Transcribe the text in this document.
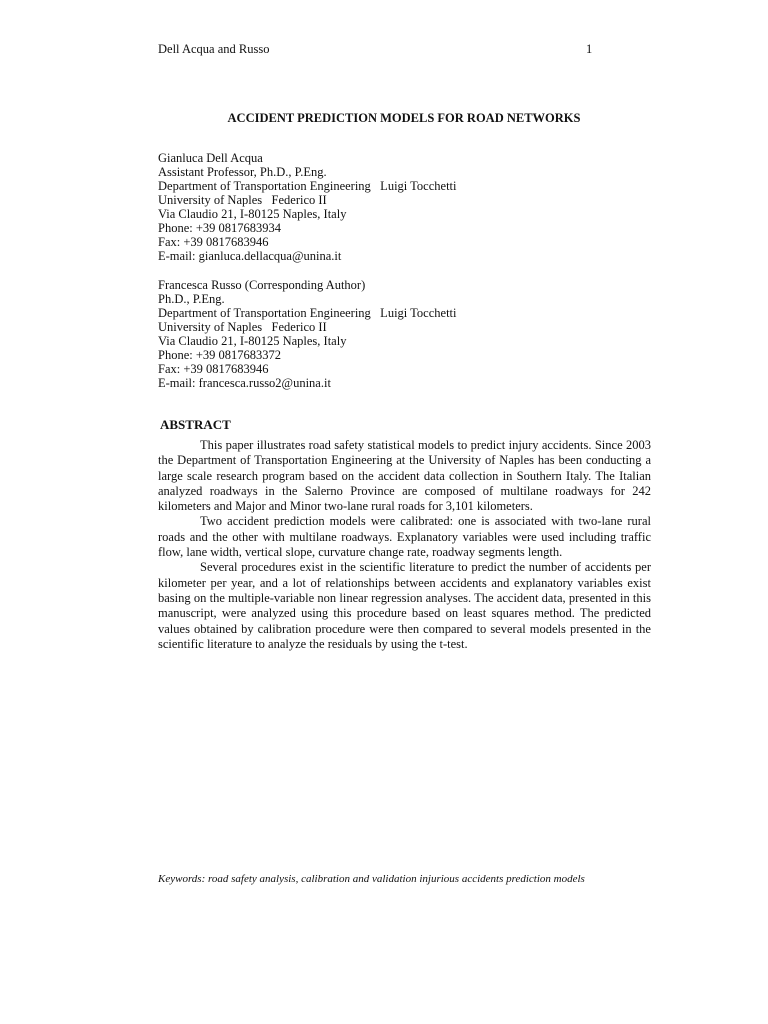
Dell Acqua and Russo	1
ACCIDENT PREDICTION MODELS FOR ROAD NETWORKS
Gianluca Dell Acqua
Assistant Professor, Ph.D., P.Eng.
Department of Transportation Engineering   Luigi Tocchetti
University of Naples   Federico II
Via Claudio 21, I-80125 Naples, Italy
Phone: +39 0817683934
Fax: +39 0817683946
E-mail: gianluca.dellacqua@unina.it
Francesca Russo (Corresponding Author)
Ph.D., P.Eng.
Department of Transportation Engineering   Luigi Tocchetti
University of Naples   Federico II
Via Claudio 21, I-80125 Naples, Italy
Phone: +39 0817683372
Fax: +39 0817683946
E-mail: francesca.russo2@unina.it
ABSTRACT

This paper illustrates road safety statistical models to predict injury accidents. Since 2003 the Department of Transportation Engineering at the University of Naples has been conducting a large scale research program based on the accident data collection in Southern Italy. The Italian analyzed roadways in the Salerno Province are composed of multilane roadways for 242 kilometers and Major and Minor two-lane rural roads for 3,101 kilometers.

Two accident prediction models were calibrated: one is associated with two-lane rural roads and the other with multilane roadways. Explanatory variables were used including traffic flow, lane width, vertical slope, curvature change rate, roadway segments length.

Several procedures exist in the scientific literature to predict the number of accidents per kilometer per year, and a lot of relationships between accidents and explanatory variables exist basing on the multiple-variable non linear regression analyses. The accident data, presented in this manuscript, were analyzed using this procedure based on least squares method. The predicted values obtained by calibration procedure were then compared to several models presented in the scientific literature to analyze the residuals by using the t-test.

Keywords: road safety analysis, calibration and validation injurious accidents prediction models
